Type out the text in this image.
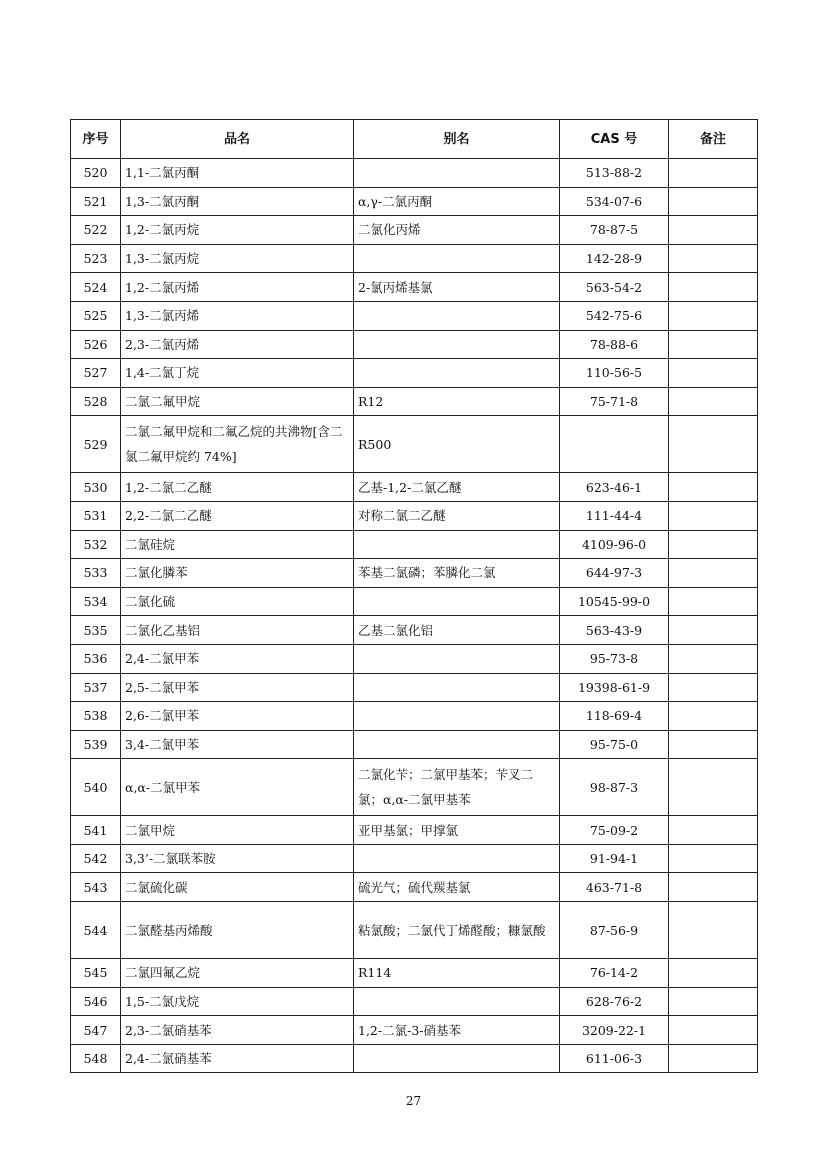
序号	品名	别名	CAS 号	备注
520	1,1-二氯丙酮		513-88-2	
521	1,3-二氯丙酮	α,γ-二氯丙酮	534-07-6	
522	1,2-二氯丙烷	二氯化丙烯	78-87-5	
523	1,3-二氯丙烷		142-28-9	
524	1,2-二氯丙烯	2-氯丙烯基氯	563-54-2	
525	1,3-二氯丙烯		542-75-6	
526	2,3-二氯丙烯		78-88-6	
527	1,4-二氯丁烷		110-56-5	
528	二氯二氟甲烷	R12	75-71-8	
529	二氯二氟甲烷和二氟乙烷的共沸物[含二氯二氟甲烷约 74%]	R500		
530	1,2-二氯二乙醚	乙基-1,2-二氯乙醚	623-46-1	
531	2,2-二氯二乙醚	对称二氯二乙醚	111-44-4	
532	二氯硅烷		4109-96-0	
533	二氯化膦苯	苯基二氯磷；苯膦化二氯	644-97-3	
534	二氯化硫		10545-99-0	
535	二氯化乙基铝	乙基二氯化铝	563-43-9	
536	2,4-二氯甲苯		95-73-8	
537	2,5-二氯甲苯		19398-61-9	
538	2,6-二氯甲苯		118-69-4	
539	3,4-二氯甲苯		95-75-0	
540	α,α-二氯甲苯	二氯化苄；二氯甲基苯；苄叉二氯；α,α-二氯甲基苯	98-87-3	
541	二氯甲烷	亚甲基氯；甲撑氯	75-09-2	
542	3,3’-二氯联苯胺		91-94-1	
543	二氯硫化碳	硫光气；硫代羰基氯	463-71-8	
544	二氯醛基丙烯酸	粘氯酸；二氯代丁烯醛酸；糠氯酸	87-56-9	
545	二氯四氟乙烷	R114	76-14-2	
546	1,5-二氯戊烷		628-76-2	
547	2,3-二氯硝基苯	1,2-二氯-3-硝基苯	3209-22-1	
548	2,4-二氯硝基苯		611-06-3	
27
